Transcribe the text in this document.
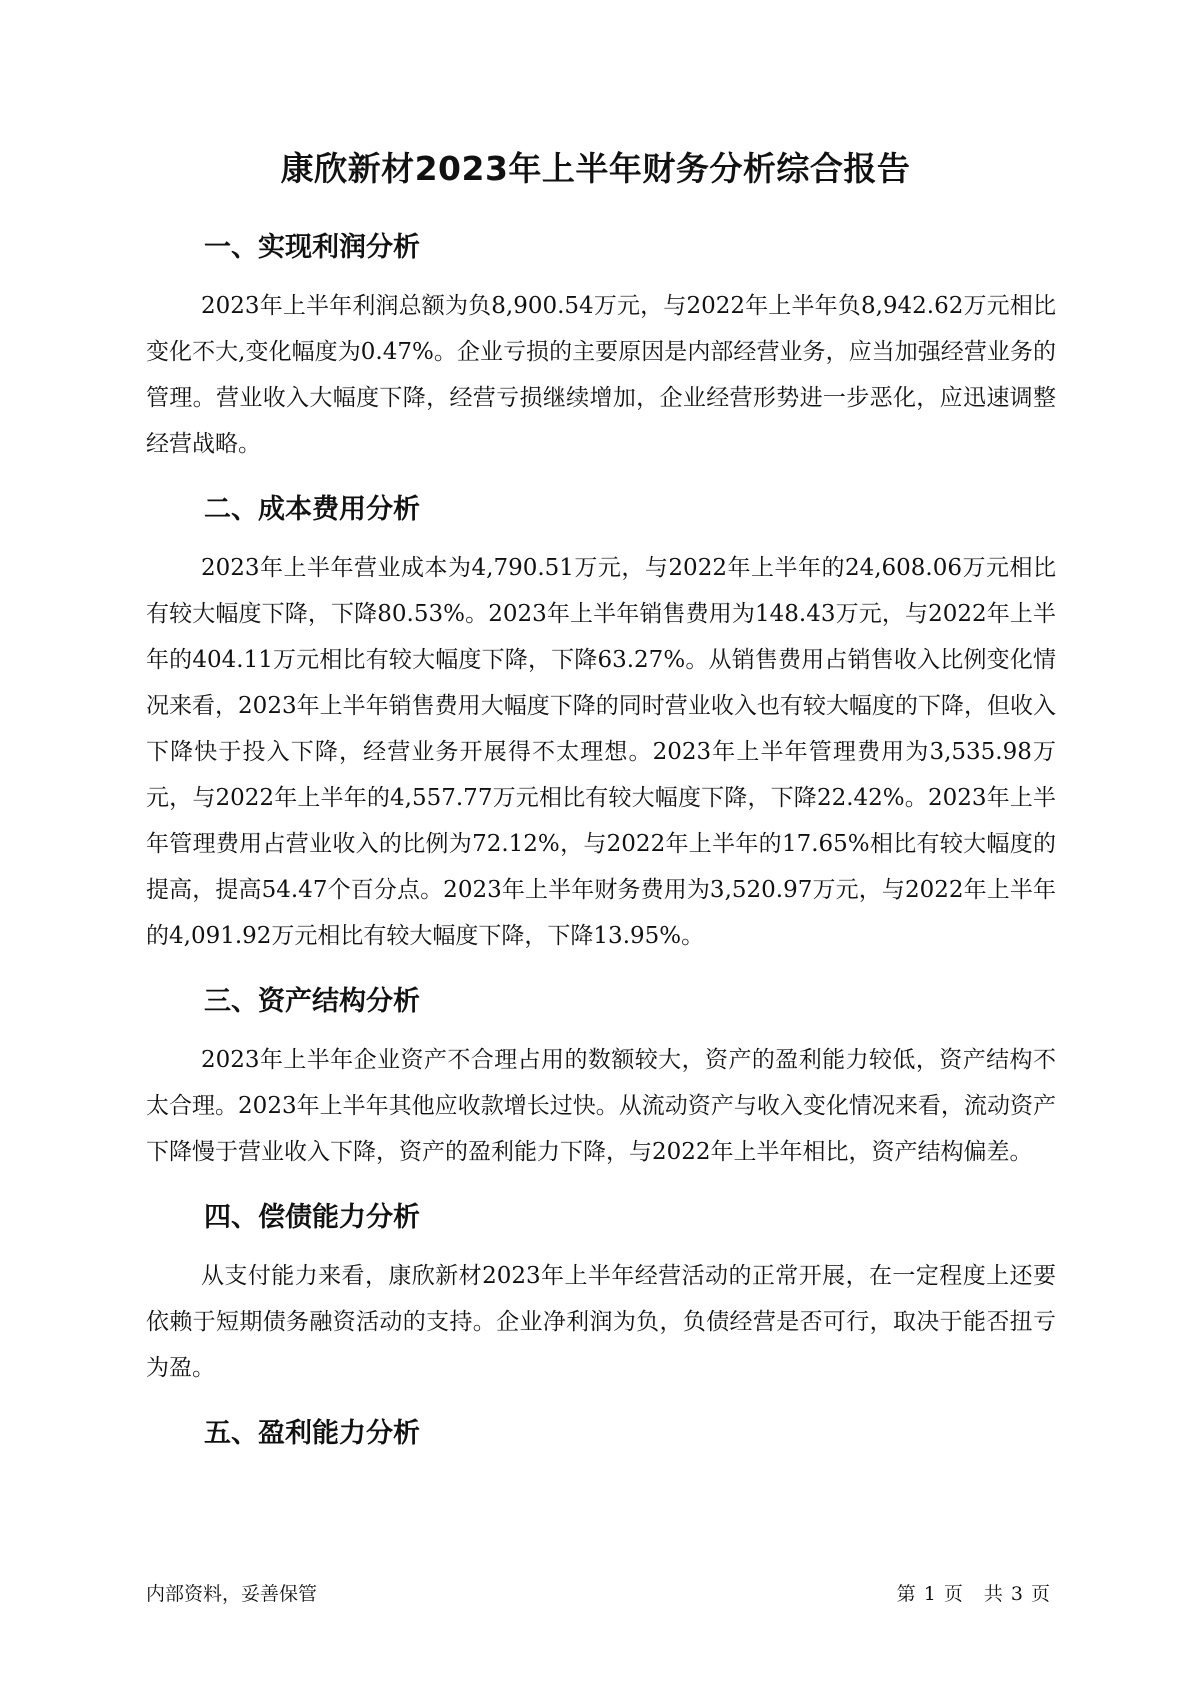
康欣新材2023年上半年财务分析综合报告
一、实现利润分析

2023年上半年利润总额为负8,900.54万元，与2022年上半年负8,942.62万元相比变化不大,变化幅度为0.47%。企业亏损的主要原因是内部经营业务，应当加强经营业务的管理。营业收入大幅度下降，经营亏损继续增加，企业经营形势进一步恶化，应迅速调整经营战略。

二、成本费用分析

2023年上半年营业成本为4,790.51万元，与2022年上半年的24,608.06万元相比有较大幅度下降，下降80.53%。2023年上半年销售费用为148.43万元，与2022年上半年的404.11万元相比有较大幅度下降，下降63.27%。从销售费用占销售收入比例变化情况来看，2023年上半年销售费用大幅度下降的同时营业收入也有较大幅度的下降，但收入下降快于投入下降，经营业务开展得不太理想。2023年上半年管理费用为3,535.98万元，与2022年上半年的4,557.77万元相比有较大幅度下降，下降22.42%。2023年上半年管理费用占营业收入的比例为72.12%，与2022年上半年的17.65%相比有较大幅度的提高，提高54.47个百分点。2023年上半年财务费用为3,520.97万元，与2022年上半年的4,091.92万元相比有较大幅度下降，下降13.95%。

三、资产结构分析

2023年上半年企业资产不合理占用的数额较大，资产的盈利能力较低，资产结构不太合理。2023年上半年其他应收款增长过快。从流动资产与收入变化情况来看，流动资产下降慢于营业收入下降，资产的盈利能力下降，与2022年上半年相比，资产结构偏差。

四、偿债能力分析

从支付能力来看，康欣新材2023年上半年经营活动的正常开展，在一定程度上还要依赖于短期债务融资活动的支持。企业净利润为负，负债经营是否可行，取决于能否扭亏为盈。

五、盈利能力分析
内部资料，妥善保管	第 1 页　共 3 页
